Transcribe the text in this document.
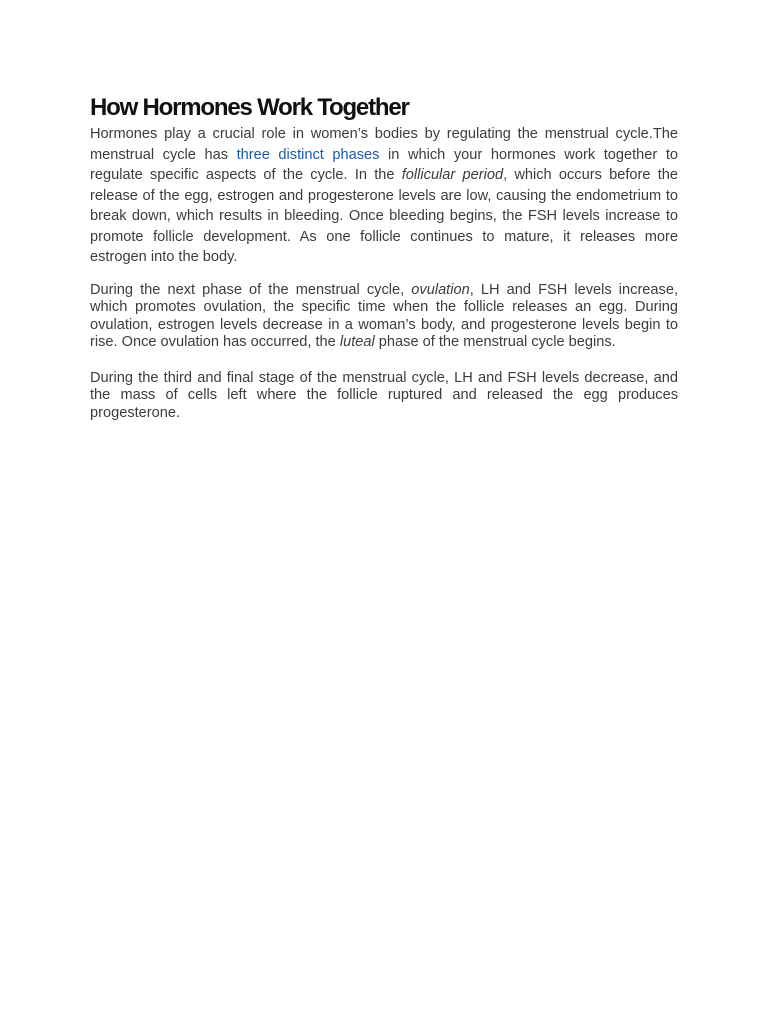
How Hormones Work Together

Hormones play a crucial role in women’s bodies by regulating the menstrual cycle.The menstrual cycle has three distinct phases in which your hormones work together to regulate specific aspects of the cycle. In the follicular period, which occurs before the release of the egg, estrogen and progesterone levels are low, causing the endometrium to break down, which results in bleeding. Once bleeding begins, the FSH levels increase to promote follicle development. As one follicle continues to mature, it releases more estrogen into the body.

During the next phase of the menstrual cycle, ovulation, LH and FSH levels increase, which promotes ovulation, the specific time when the follicle releases an egg. During ovulation, estrogen levels decrease in a woman’s body, and progesterone levels begin to rise. Once ovulation has occurred, the luteal phase of the menstrual cycle begins.

During the third and final stage of the menstrual cycle, LH and FSH levels decrease, and the mass of cells left where the follicle ruptured and released the egg produces progesterone.
